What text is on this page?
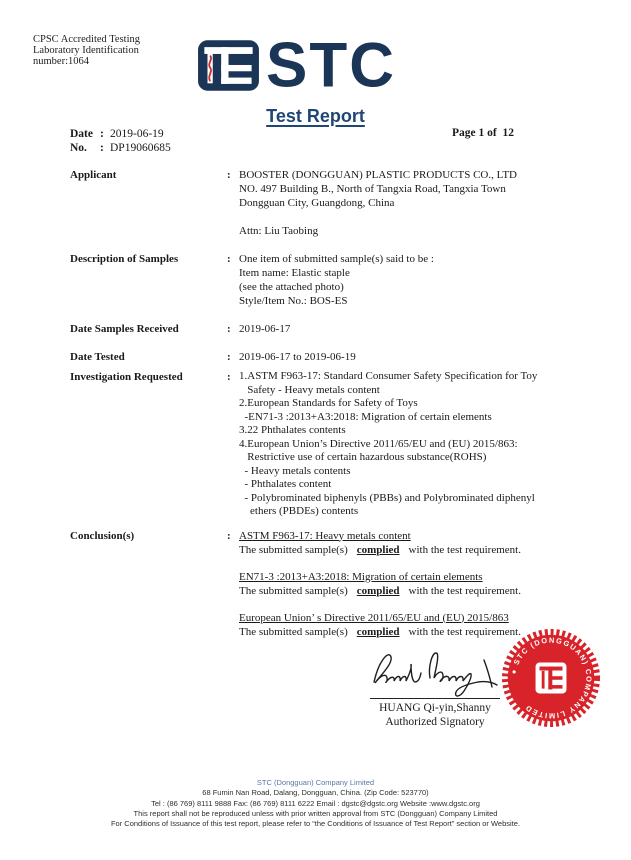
CPSC Accredited Testing
Laboratory Identification
number:1064	STC
Test Report
Date : 2019-06-19
No.	: DP19060685
Page 1 of  12
Applicant	: BOOSTER (DONGGUAN) PLASTIC PRODUCTS CO., LTD
NO. 497 Building B., North of Tangxia Road, Tangxia Town
Dongguan City, Guangdong, China
Attn: Liu Taobing
Description of Samples	: One item of submitted sample(s) said to be :
Item name: Elastic staple
(see the attached photo)
Style/Item No.: BOS-ES
Date Samples Received	: 2019-06-17
Date Tested	: 2019-06-17 to 2019-06-19
Investigation Requested	: 1.ASTM F963-17: Standard Consumer Safety Specification for Toy
Safety - Heavy metals content
2.European Standards for Safety of Toys
-EN71-3 :2013+A3:2018: Migration of certain elements
3.22 Phthalates contents
4.European Union’s Directive 2011/65/EU and (EU) 2015/863:
Restrictive use of certain hazardous substance(ROHS)
- Heavy metals contents
- Phthalates content
- Polybrominated biphenyls (PBBs) and Polybrominated diphenyl
ethers (PBDEs) contents
Conclusion(s)	: ASTM F963-17: Heavy metals content
The submitted sample(s) complied with the test requirement.
EN71-3 :2013+A3:2018: Migration of certain elements
The submitted sample(s) complied with the test requirement.
European Union’ s Directive 2011/65/EU and (EU) 2015/863
The submitted sample(s) complied with the test requirement.
HUANG Qi-yin,Shanny
Authorized Signatory
● STC (DONGGUAN) COMPANY LIMITED
STC (Dongguan) Company Limited
68 Fumin Nan Road, Dalang, Dongguan, China. (Zip Code: 523770)
Tel : (86 769) 8111 9888 Fax: (86 769) 8111 6222 Email : dgstc@dgstc.org Website :www.dgstc.org
This report shall not be reproduced unless with prior written approval from STC (Dongguan) Company Limited
For Conditions of Issuance of this test report, please refer to “the Conditions of Issuance of Test Report” section or Website.
